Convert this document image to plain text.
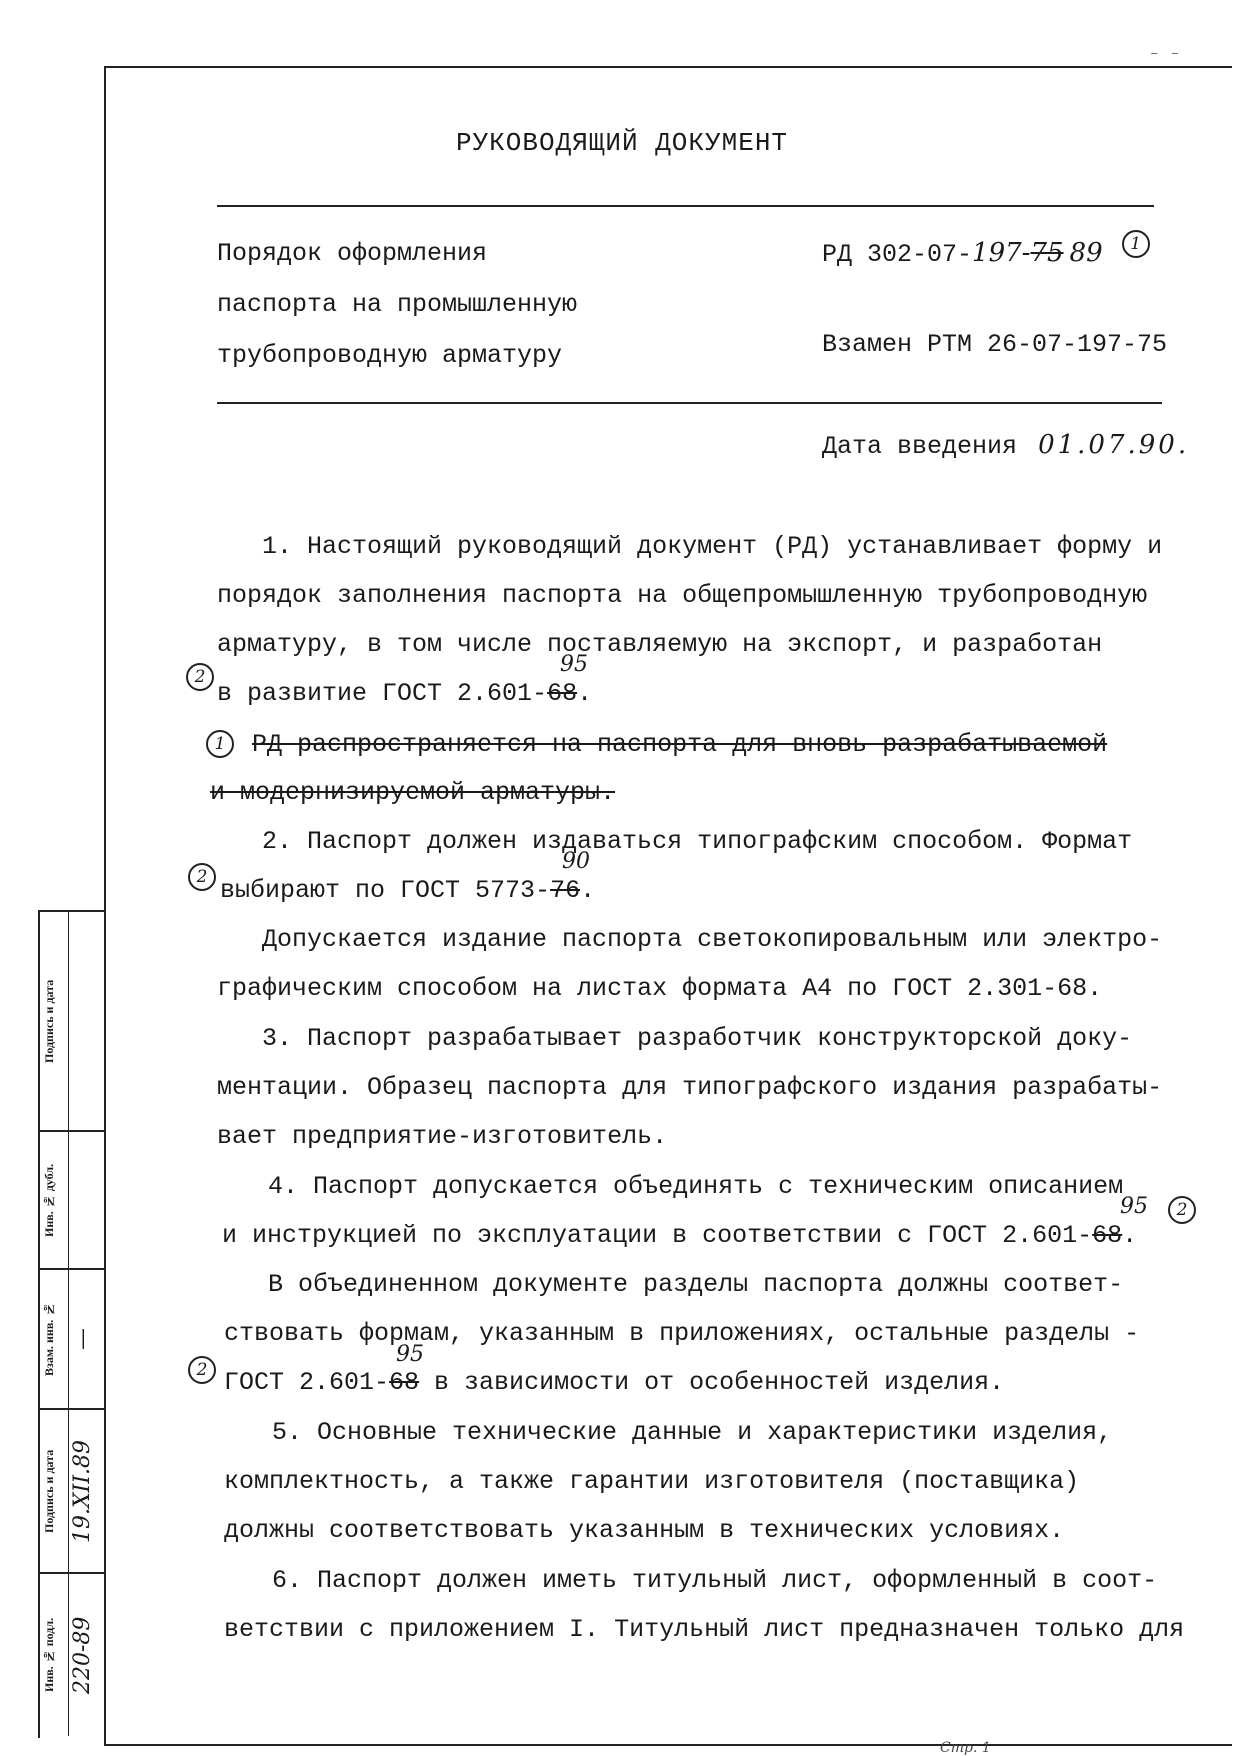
– –
РУКОВОДЯЩИЙ ДОКУМЕНТ
Порядок оформления
паспорта на промышленную
трубопроводную арматуру
РД 302-07-197-75 89 1
Взамен РТМ 26-07-197-75
Дата введения 01.07.90.
1. Настоящий руководящий документ (РД) устанавливает форму и
порядок заполнения паспорта на общепромышленную трубопроводную
арматуру, в том числе поставляемую на экспорт, и разработан
2
в развитие ГОСТ 2.601-68.
95
1	РД распространяется на паспорта для вновь разрабатываемой
и модернизируемой арматуры.
2. Паспорт должен издаваться типографским способом. Формат
2 выбирают по ГОСТ 5773-76.
90
Допускается издание паспорта светокопировальным или электро-
графическим способом на листах формата А4 по ГОСТ 2.301-68.
3. Паспорт разрабатывает разработчик конструкторской доку-
ментации. Образец паспорта для типографского издания разрабаты-
вает предприятие-изготовитель.
4. Паспорт допускается объединять с техническим описанием
и инструкцией по эксплуатации в соответствии с ГОСТ 2.601-68.
95	2
В объединенном документе разделы паспорта должны соответ-
ствовать формам, указанным в приложениях, остальные разделы -
2 ГОСТ 2.601-68 в зависимости от особенностей изделия.
95
5. Основные технические данные и характеристики изделия,
комплектность, а также гарантии изготовителя (поставщика)
должны соответствовать указанным в технических условиях.
6. Паспорт должен иметь титульный лист, оформленный в соот-
ветствии с приложением I. Титульный лист предназначен только для
Подпись и дата
Инв. № дубл.
Взам. инв. № —
Подпись и дата 19.XII.89
Инв. № подл. 220-89
Стр. 1
